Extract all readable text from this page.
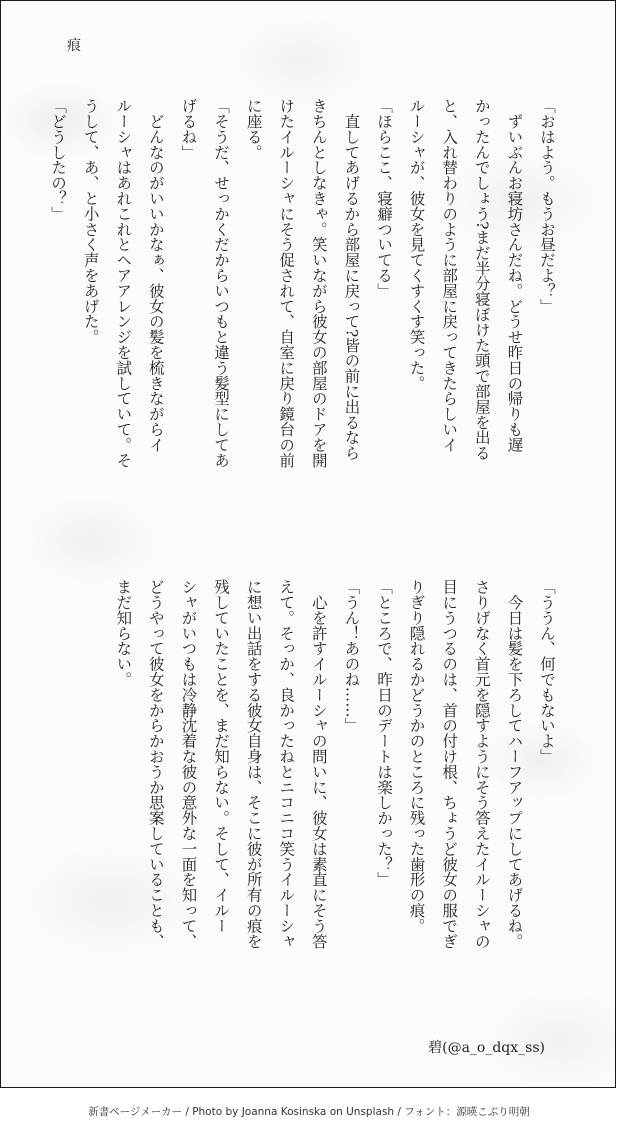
痕
「おはよう。もうお昼だよ？」
　ずいぶんお寝坊さんだね。どうせ昨日の帰りも遅
かったんでしょう?まだ半分寝ぼけた頭で部屋を出る
と、入れ替わりのように部屋に戻ってきたらしいイ
ルーシャが、彼女を見てくすくす笑った。
「ほらここ、寝癖ついてる」
　直してあげるから部屋に戻って?皆の前に出るなら
きちんとしなきゃ。笑いながら彼女の部屋のドアを開
けたイルーシャにそう促されて、自室に戻り鏡台の前
に座る。
「そうだ、せっかくだからいつもと違う髪型にしてあ
げるね」
　どんなのがいいかなぁ、彼女の髪を梳きながらイ
ルーシャはあれこれとヘアアレンジを試していて。そ
うして、あ、と小さく声をあげた。
「どうしたの？」
「ううん、何でもないよ」
　今日は髪を下ろしてハーフアップにしてあげるね。
さりげなく首元を隠すようにそう答えたイルーシャの
目にうつるのは、首の付け根、ちょうど彼女の服でぎ
りぎり隠れるかどうかのところに残った歯形の痕。
「ところで、昨日のデートは楽しかった？」
「うん！あのね……」
　心を許すイルーシャの問いに、彼女は素直にそう答
えて。そっか、良かったねとニコニコ笑うイルーシャ
に想い出話をする彼女自身は、そこに彼が所有の痕を
残していたことを、まだ知らない。そして、イルー
シャがいつもは冷静沈着な彼の意外な一面を知って、
どうやって彼女をからかおうか思案していることも、
まだ知らない。
碧(@a_o_dqx_ss)
新書ページメーカー / Photo by Joanna Kosinska on Unsplash / フォント：源暎こぶり明朝
